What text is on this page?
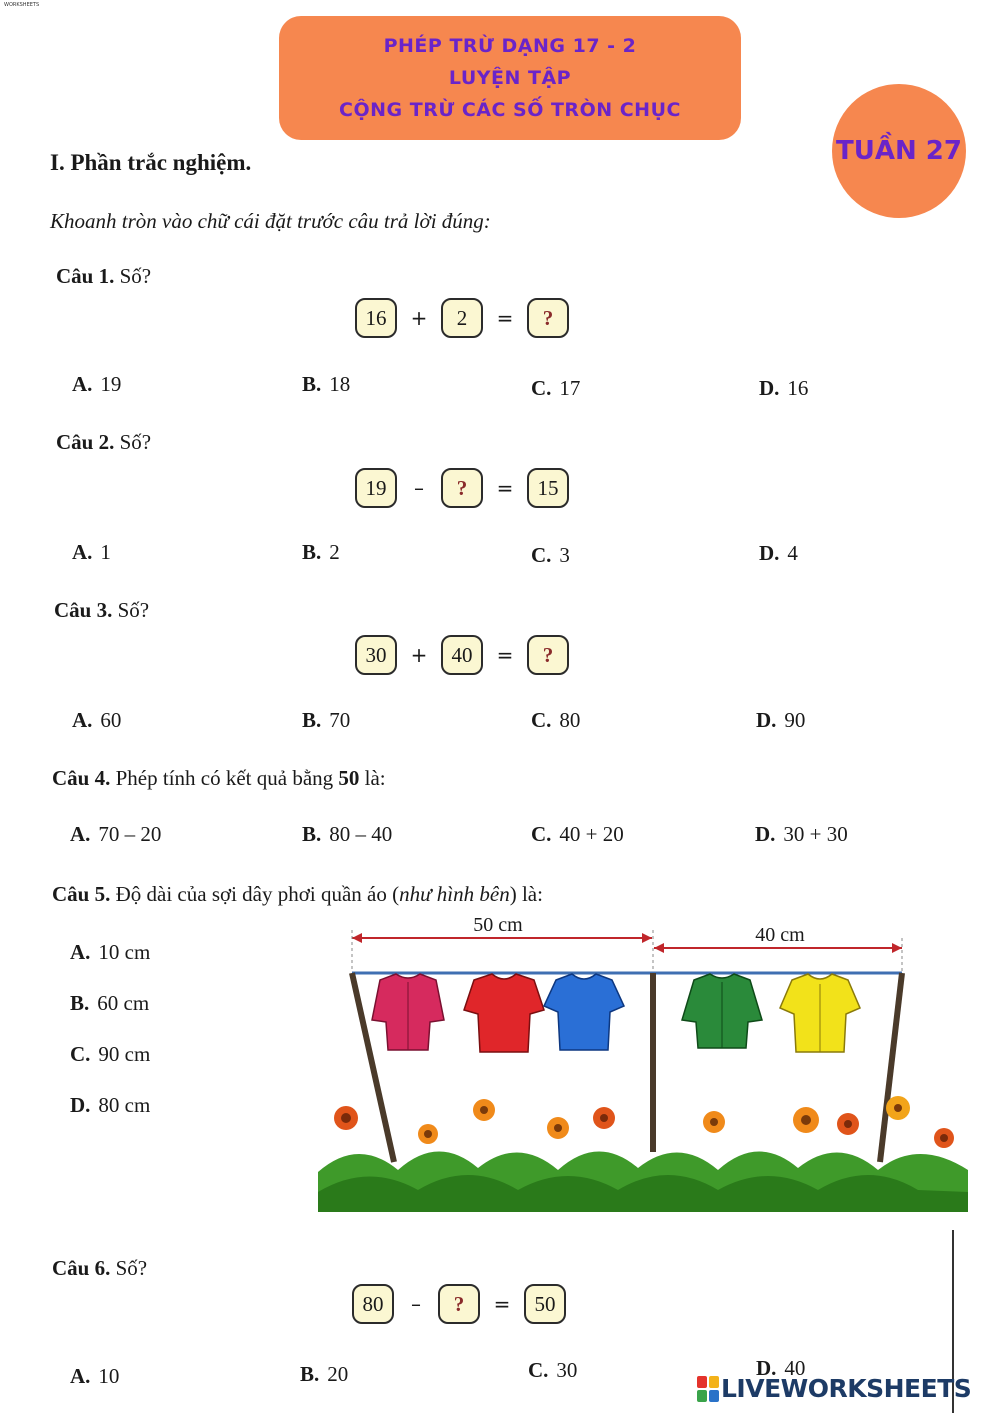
WORKSHEETS
PHÉP TRỪ DẠNG 17 - 2
LUYỆN TẬP
CỘNG TRỪ CÁC SỐ TRÒN CHỤC
TUẦN 27
I. Phần trắc nghiệm.
Khoanh tròn vào chữ cái đặt trước câu trả lời đúng:
Câu 1. Số?
16	+	2	=	?
A. 19	B. 18	C. 17	D. 16
Câu 2. Số?
19	–	?	=	15
A. 1	B. 2	C. 3	D. 4
Câu 3. Số?
30	+	40	=	?
A. 60	B. 70	C. 80	D. 90
Câu 4. Phép tính có kết quả bằng 50 là:
A. 70 – 20	B. 80 – 40	C. 40 + 20	D. 30 + 30
Câu 5. Độ dài của sợi dây phơi quần áo (như hình bên) là:
A. 10 cm
B. 60 cm
C. 90 cm
D. 80 cm
50 cm	40 cm
Câu 6. Số?
80	–	?	=	50
A. 10	B. 20	C. 30	D. 40
LIVEWORKSHEETS
